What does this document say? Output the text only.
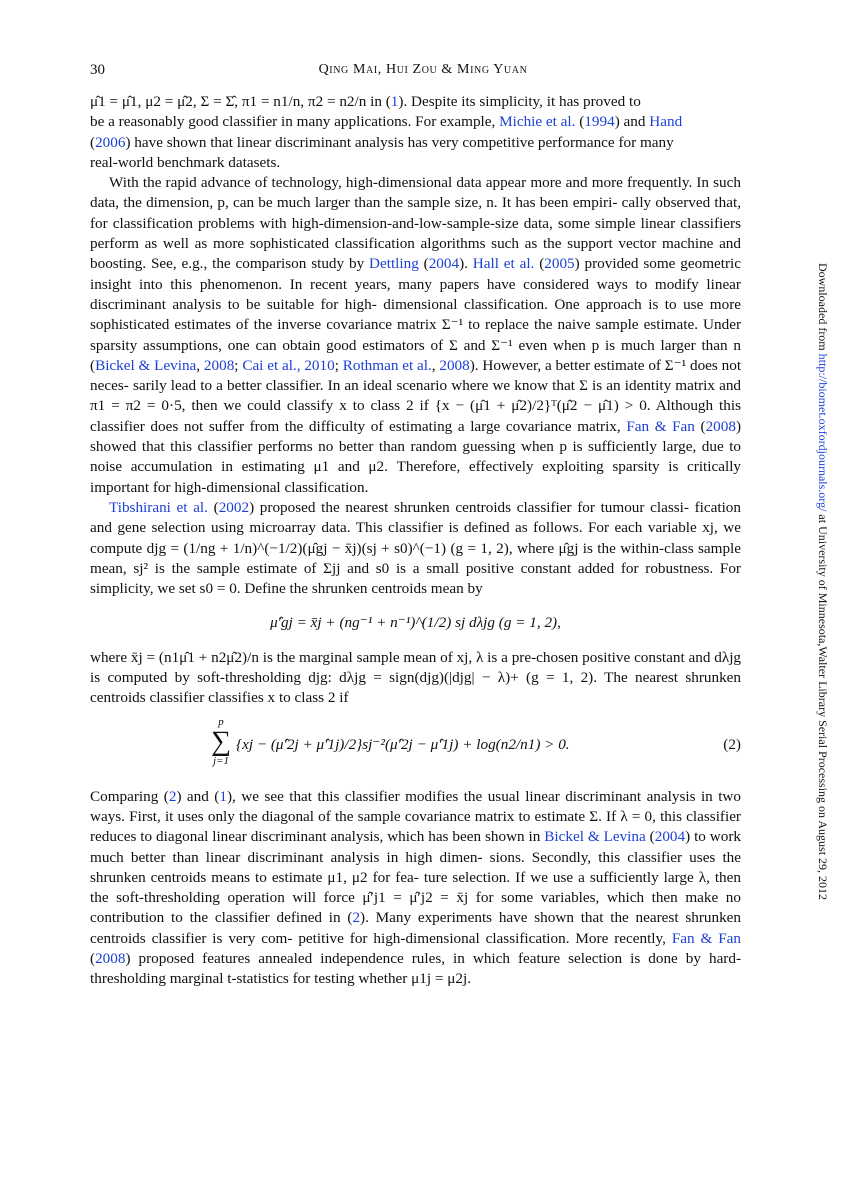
30	Qing Mai, Hui Zou & Ming Yuan

μ̂1 = μ̂1, μ2 = μ̂2, Σ = Σ̂, π1 = n1/n, π2 = n2/n in (1). Despite its simplicity, it has proved to
be a reasonably good classifier in many applications. For example, Michie et al. (1994) and Hand
(2006) have shown that linear discriminant analysis has very competitive performance for many
real-world benchmark datasets.

With the rapid advance of technology, high-dimensional data appear more and more frequently. In such data, the dimension, p, can be much larger than the sample size, n. It has been empiri- cally observed that, for classification problems with high-dimension-and-low-sample-size data, some simple linear classifiers perform as well as more sophisticated classification algorithms such as the support vector machine and boosting. See, e.g., the comparison study by Dettling (2004). Hall et al. (2005) provided some geometric insight into this phenomenon. In recent years, many papers have considered ways to modify linear discriminant analysis to be suitable for high- dimensional classification. One approach is to use more sophisticated estimates of the inverse covariance matrix Σ⁻¹ to replace the naive sample estimate. Under sparsity assumptions, one can obtain good estimators of Σ and Σ⁻¹ even when p is much larger than n (Bickel & Levina, 2008; Cai et al., 2010; Rothman et al., 2008). However, a better estimate of Σ⁻¹ does not neces- sarily lead to a better classifier. In an ideal scenario where we know that Σ is an identity matrix and π1 = π2 = 0·5, then we could classify x to class 2 if {x − (μ̂1 + μ̂2)/2}ᵀ(μ̂2 − μ̂1) > 0. Although this classifier does not suffer from the difficulty of estimating a large covariance matrix, Fan & Fan (2008) showed that this classifier performs no better than random guessing when p is sufficiently large, due to noise accumulation in estimating μ1 and μ2. Therefore, effectively exploiting sparsity is critically important for high-dimensional classification.

Tibshirani et al. (2002) proposed the nearest shrunken centroids classifier for tumour classi- fication and gene selection using microarray data. This classifier is defined as follows. For each variable xj, we compute djg = (1/ng + 1/n)^(−1/2)(μ̂gj − x̄j)(sj + s0)^(−1) (g = 1, 2), where μ̂gj is the within-class sample mean, sj² is the sample estimate of Σjj and s0 is a small positive constant added for robustness. For simplicity, we set s0 = 0. Define the shrunken centroids mean by

μ̂′gj = x̄j + (ng⁻¹ + n⁻¹)^(1/2) sj dλjg (g = 1, 2),

where x̄j = (n1μ̂1 + n2μ̂2)/n is the marginal sample mean of xj, λ is a pre-chosen positive constant and dλjg is computed by soft-thresholding djg: dλjg = sign(djg)(|djg| − λ)+ (g = 1, 2). The nearest shrunken centroids classifier classifies x to class 2 if

p
∑
j=1
{xj − (μ̂′2j + μ̂′1j)/2}sj⁻²(μ̂′2j − μ̂′1j) + log(n2/n1) > 0.	(2)

Comparing (2) and (1), we see that this classifier modifies the usual linear discriminant analysis in two ways. First, it uses only the diagonal of the sample covariance matrix to estimate Σ. If λ = 0, this classifier reduces to diagonal linear discriminant analysis, which has been shown in Bickel & Levina (2004) to work much better than linear discriminant analysis in high dimen- sions. Secondly, this classifier uses the shrunken centroids means to estimate μ1, μ2 for fea- ture selection. If we use a sufficiently large λ, then the soft-thresholding operation will force μ̂′j1 = μ̂′j2 = x̄j for some variables, which then make no contribution to the classifier defined in (2). Many experiments have shown that the nearest shrunken centroids classifier is very com- petitive for high-dimensional classification. More recently, Fan & Fan (2008) proposed features annealed independence rules, in which feature selection is done by hard-thresholding marginal t-statistics for testing whether μ1j = μ2j.

Downloaded from http://biomet.oxfordjournals.org/ at University of Minnesota,Walter Library Serial Processing on August 29, 2012
